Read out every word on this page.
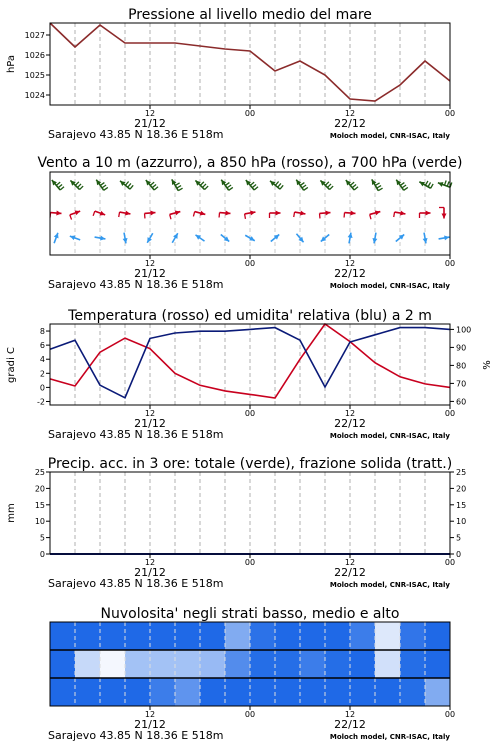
Pressione al livello medio del mare
1024
1025
1026
1027
hPa
12	00	12	00
21/12	22/12
Sarajevo 43.85 N 18.36 E 518m	Moloch model, CNR-ISAC, Italy
Vento a 10 m (azzurro), a 850 hPa (rosso), a 700 hPa (verde)
12	00	12	00
21/12	22/12
Sarajevo 43.85 N 18.36 E 518m	Moloch model, CNR-ISAC, Italy
Temperatura (rosso) ed umidita' relativa (blu) a 2 m
-2
0
2
4
6
8
60
70
80
90
100
gradi C	%
12	00	12	00
21/12	22/12
Sarajevo 43.85 N 18.36 E 518m	Moloch model, CNR-ISAC, Italy
Precip. acc. in 3 ore: totale (verde), frazione solida (tratt.)
0
5
10
15
20
25
0
5
10
15
20
25
mm
12	00	12	00
21/12	22/12
Sarajevo 43.85 N 18.36 E 518m	Moloch model, CNR-ISAC, Italy
Nuvolosita' negli strati basso, medio e alto
12	00	12	00
21/12	22/12
Sarajevo 43.85 N 18.36 E 518m	Moloch model, CNR-ISAC, Italy
